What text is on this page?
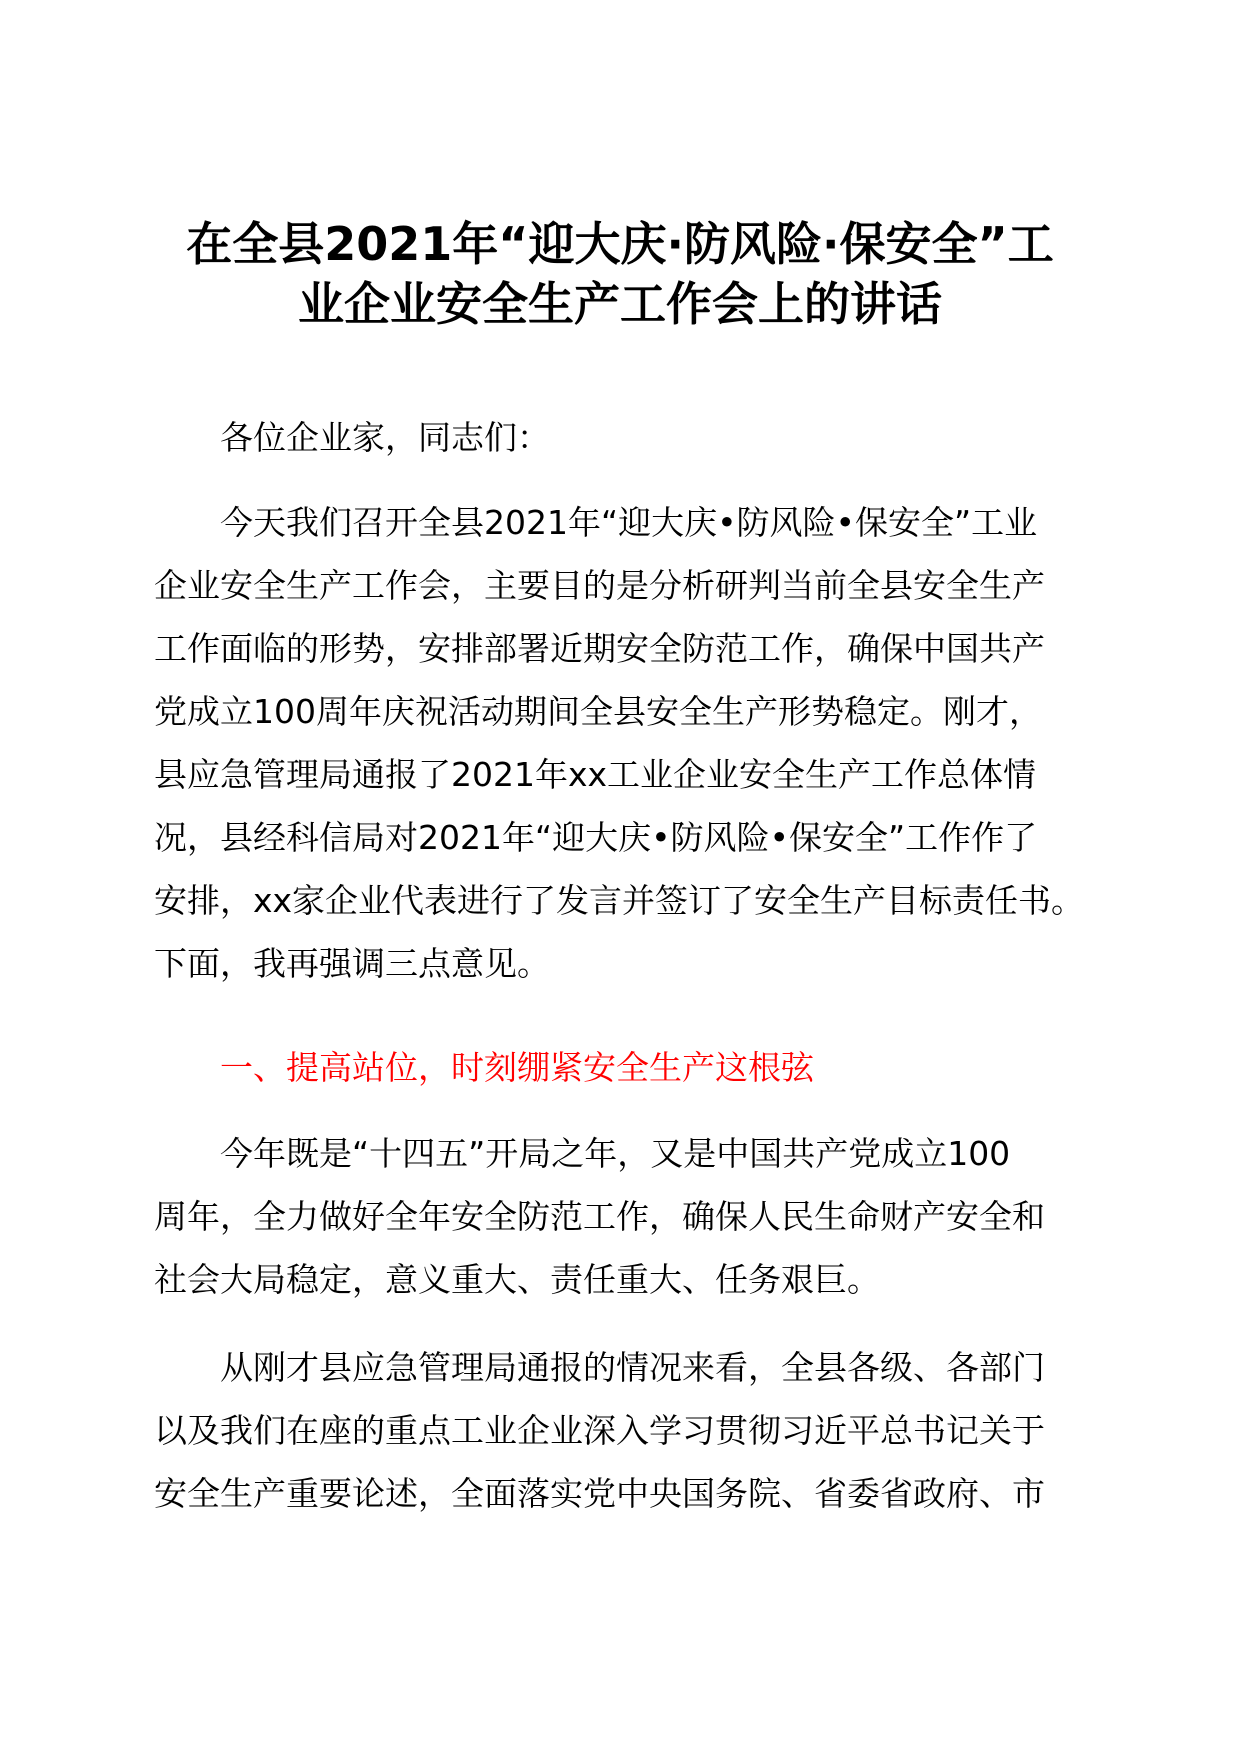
在全县2021年“迎大庆·防风险·保安全”工
业企业安全生产工作会上的讲话

各位企业家，同志们：

今天我们召开全县2021年“迎大庆•防风险•保安全”工业
企业安全生产工作会，主要目的是分析研判当前全县安全生产
工作面临的形势，安排部署近期安全防范工作，确保中国共产
党成立100周年庆祝活动期间全县安全生产形势稳定。刚才，
县应急管理局通报了2021年xx工业企业安全生产工作总体情
况，县经科信局对2021年“迎大庆•防风险•保安全”工作作了
安排，xx家企业代表进行了发言并签订了安全生产目标责任书。
下面，我再强调三点意见。
一、提高站位，时刻绷紧安全生产这根弦
今年既是“十四五”开局之年，又是中国共产党成立100
周年，全力做好全年安全防范工作，确保人民生命财产安全和
社会大局稳定，意义重大、责任重大、任务艰巨。
从刚才县应急管理局通报的情况来看，全县各级、各部门
以及我们在座的重点工业企业深入学习贯彻习近平总书记关于
安全生产重要论述，全面落实党中央国务院、省委省政府、市
